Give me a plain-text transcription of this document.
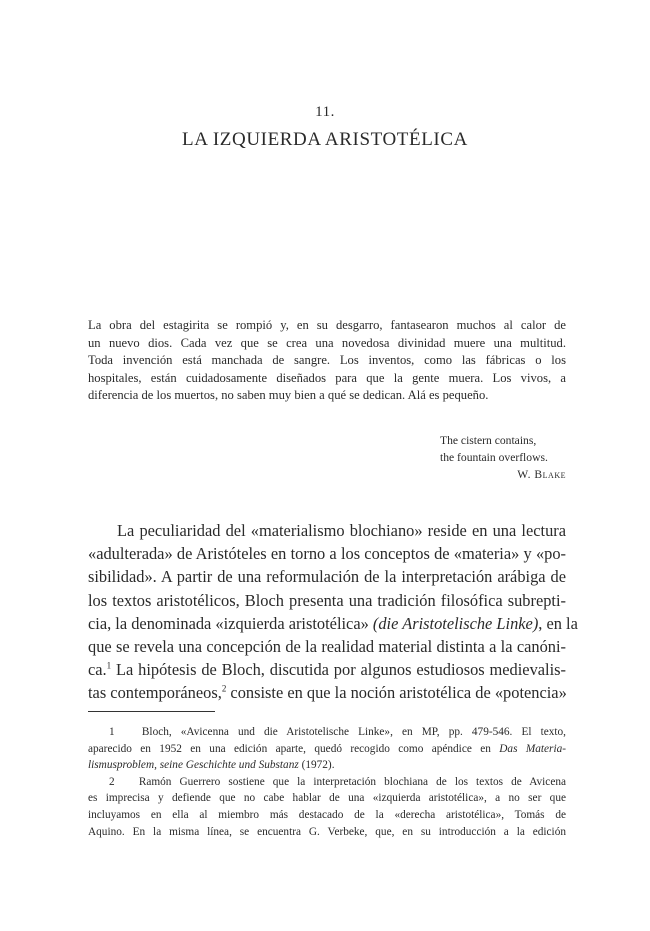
11.
LA IZQUIERDA ARISTOTÉLICA
La obra del estagirita se rompió y, en su desgarro, fantasearon muchos al calor de
un nuevo dios. Cada vez que se crea una novedosa divinidad muere una multitud.
Toda invención está manchada de sangre. Los inventos, como las fábricas o los
hospitales, están cuidadosamente diseñados para que la gente muera. Los vivos, a
diferencia de los muertos, no saben muy bien a qué se dedican. Alá es pequeño.
The cistern contains,
the fountain overflows.
W. Blake
La peculiaridad del «materialismo blochiano» reside en una lectura
«adulterada» de Aristóteles en torno a los conceptos de «materia» y «po-
sibilidad». A partir de una reformulación de la interpretación arábiga de
los textos aristotélicos, Bloch presenta una tradición filosófica subrepti-
cia, la denominada «izquierda aristotélica» (die Aristotelische Linke), en la
que se revela una concepción de la realidad material distinta a la canóni-
ca.$^1$ La hipótesis de Bloch, discutida por algunos estudiosos medievalis-
tas contemporáneos,$^2$ consiste en que la noción aristotélica de «potencia»
1   Bloch, «Avicenna und die Aristotelische Linke», en MP, pp. 479-546. El texto,
aparecido en 1952 en una edición aparte, quedó recogido como apéndice en Das Materia-
lismusproblem, seine Geschichte und Substanz (1972).
2   Ramón Guerrero sostiene que la interpretación blochiana de los textos de Avicena
es imprecisa y defiende que no cabe hablar de una «izquierda aristotélica», a no ser que
incluyamos en ella al miembro más destacado de la «derecha aristotélica», Tomás de
Aquino. En la misma línea, se encuentra G. Verbeke, que, en su introducción a la edición
